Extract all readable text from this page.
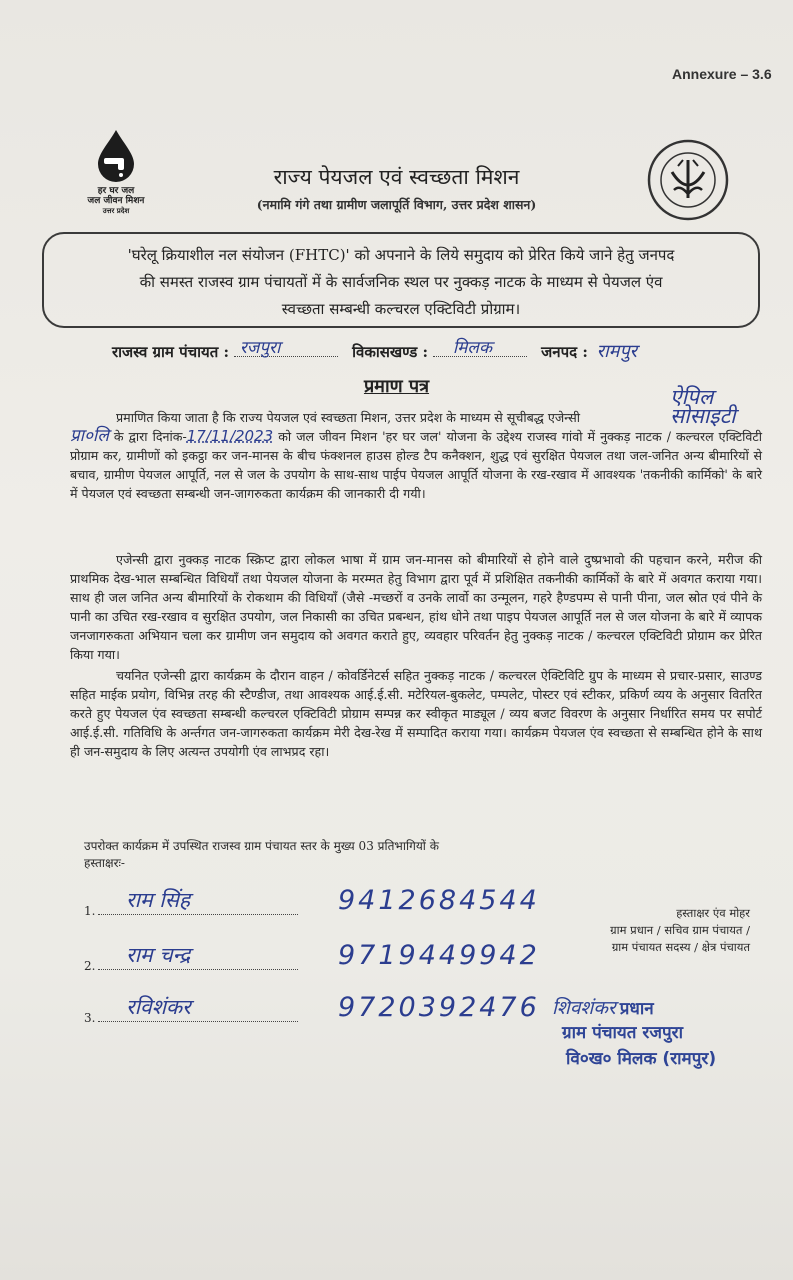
Annexure – 3.6
हर घर जल
जल जीवन मिशन
उत्तर प्रदेश
राज्य पेयजल एवं स्वच्छता मिशन
(नमामि गंगे तथा ग्रामीण जलापूर्ति विभाग, उत्तर प्रदेश शासन)
'घरेलू क्रियाशील नल संयोजन (FHTC)' को अपनाने के लिये समुदाय को प्रेरित किये जाने हेतु जनपद
की समस्त राजस्व ग्राम पंचायतों में के सार्वजनिक स्थल पर नुक्कड़ नाटक के माध्यम से पेयजल एंव
स्वच्छता सम्बन्धी कल्चरल एक्टिविटी प्रोग्राम।
राजस्व ग्राम पंचायत : रजपुरा	विकासखण्ड : मिलक	जनपद : रामपुर
प्रमाण पत्र	ऐपिल सोसाइटी
प्रमाणित किया जाता है कि राज्य पेयजल एवं स्वच्छता मिशन, उत्तर प्रदेश के माध्यम से सूचीबद्ध एजेन्सी
प्रा०लि के द्वारा दिनांक-17/11/2023 को जल जीवन मिशन 'हर घर जल' योजना के उद्देश्य राजस्व गांवो में नुक्कड़ नाटक / कल्चरल एक्टिविटी प्रोग्राम कर, ग्रामीणों को इकट्ठा कर जन-मानस के बीच फंक्शनल हाउस होल्ड टैप कनैक्शन, शुद्ध एवं सुरक्षित पेयजल तथा जल-जनित अन्य बीमारियों से बचाव, ग्रामीण पेयजल आपूर्ति, नल से जल के उपयोग के साथ-साथ पाईप पेयजल आपूर्ति योजना के रख-रखाव में आवश्यक 'तकनीकी कार्मिको' के बारे में पेयजल एवं स्वच्छता सम्बन्धी जन-जागरुकता कार्यक्रम की जानकारी दी गयी।
एजेन्सी द्वारा नुक्कड़ नाटक स्क्रिप्ट द्वारा लोकल भाषा में ग्राम जन-मानस को बीमारियों से होने वाले दुष्प्रभावो की पहचान करने, मरीज की प्राथमिक देख-भाल सम्बन्धित विधियाँ तथा पेयजल योजना के मरम्मत हेतु विभाग द्वारा पूर्व में प्रशिक्षित तकनीकी कार्मिकों के बारे में अवगत कराया गया। साथ ही जल जनित अन्य बीमारियों के रोकथाम की विधियाँ (जैसे -मच्छरों व उनके लार्वो का उन्मूलन, गहरे हैण्डपम्प से पानी पीना, जल स्रोत एवं पीने के पानी का उचित रख-रखाव व सुरक्षित उपयोग, जल निकासी का उचित प्रबन्धन, हांथ धोने तथा पाइप पेयजल आपूर्ति नल से जल योजना के बारे में व्यापक जनजागरुकता अभियान चला कर ग्रामीण जन समुदाय को अवगत कराते हुए, व्यवहार परिवर्तन हेतु नुक्कड़ नाटक / कल्चरल एक्टिविटी प्रोग्राम कर प्रेरित किया गया।
चयनित एजेन्सी द्वारा कार्यक्रम के दौरान वाहन / कोवर्डिनेटर्स सहित नुक्कड़ नाटक / कल्चरल ऐक्टिविटि ग्रुप के माध्यम से प्रचार-प्रसार, साउण्ड सहित माईक प्रयोग, विभिन्न तरह की स्टैण्डीज, तथा आवश्यक आई.ई.सी. मटेरियल-बुकलेट, पम्पलेट, पोस्टर एवं स्टीकर, प्रकिर्ण व्यय के अनुसार वितरित करते हुए पेयजल एंव स्वच्छता सम्बन्धी कल्चरल एक्टिविटी प्रोग्राम सम्पन्न कर स्वीकृत माड्यूल / व्यय बजट विवरण के अनुसार निर्धारित समय पर सपोर्ट आई.ई.सी. गतिविधि के अर्न्तगत जन-जागरुकता कार्यक्रम मेरी देख-रेख में सम्पादित कराया गया। कार्यक्रम पेयजल एंव स्वच्छता से सम्बन्धित होने के साथ ही जन-समुदाय के लिए अत्यन्त उपयोगी एंव लाभप्रद रहा।
उपरोक्त कार्यक्रम में उपस्थित राजस्व ग्राम पंचायत स्तर के मुख्य 03 प्रतिभागियों के
हस्ताक्षरः-
1. राम सिंह	9412684544
2. राम चन्द्र	9719449942
3. रविशंकर	9720392476
हस्ताक्षर एंव मोहर
ग्राम प्रधान / सचिव ग्राम पंचायत /
ग्राम पंचायत सदस्य / क्षेत्र पंचायत
शिवशंकर प्रधान
ग्राम पंचायत रजपुरा
वि०ख० मिलक (रामपुर)
